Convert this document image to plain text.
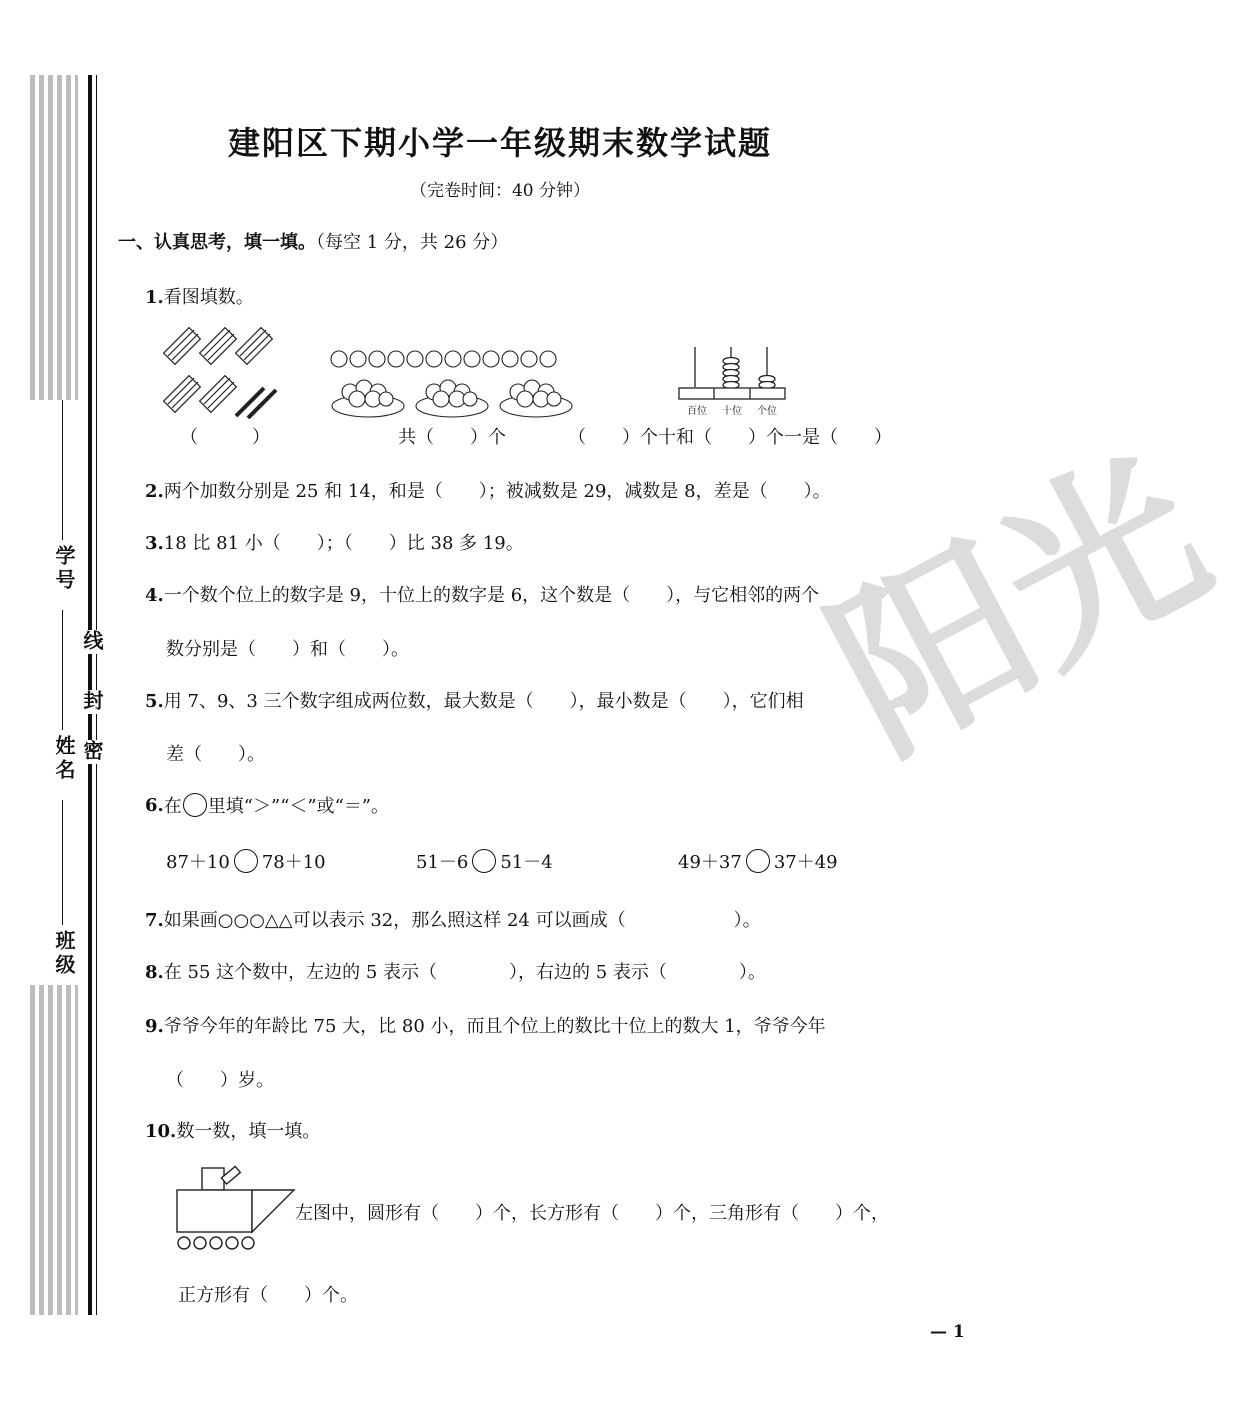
学号
姓名
班级
密
封
线	阳光
建阳区下期小学一年级期末数学试题
（完卷时间：40 分钟）
一、认真思考，填一填。（每空 1 分，共 26 分）
1.看图填数。
（　　　）	共（　　）个
百位	十位	个位
（　　）个十和（　　）个一是（　　）
2.两个加数分别是 25 和 14，和是（　　）；被减数是 29，减数是 8，差是（　　）。
3.18 比 81 小（　　）；（　　）比 38 多 19。
4.一个数个位上的数字是 9，十位上的数字是 6，这个数是（　　），与它相邻的两个
数分别是（　　）和（　　）。
5.用 7、9、3 三个数字组成两位数，最大数是（　　），最小数是（　　），它们相
差（　　）。
6. 在 里填“＞”“＜”或“＝”。
87＋10 78＋10	51－6 51－4	49＋37 37＋49
7.如果画○○○△△可以表示 32，那么照这样 24 可以画成（　　　　　　）。
8.在 55 这个数中，左边的 5 表示（　　　　），右边的 5 表示（　　　　）。
9.爷爷今年的年龄比 75 大，比 80 小，而且个位上的数比十位上的数大 1，爷爷今年
（　　）岁。
10.数一数，填一填。
左图中，圆形有（　　）个，长方形有（　　）个，三角形有（　　）个，
正方形有（　　）个。
— 1
